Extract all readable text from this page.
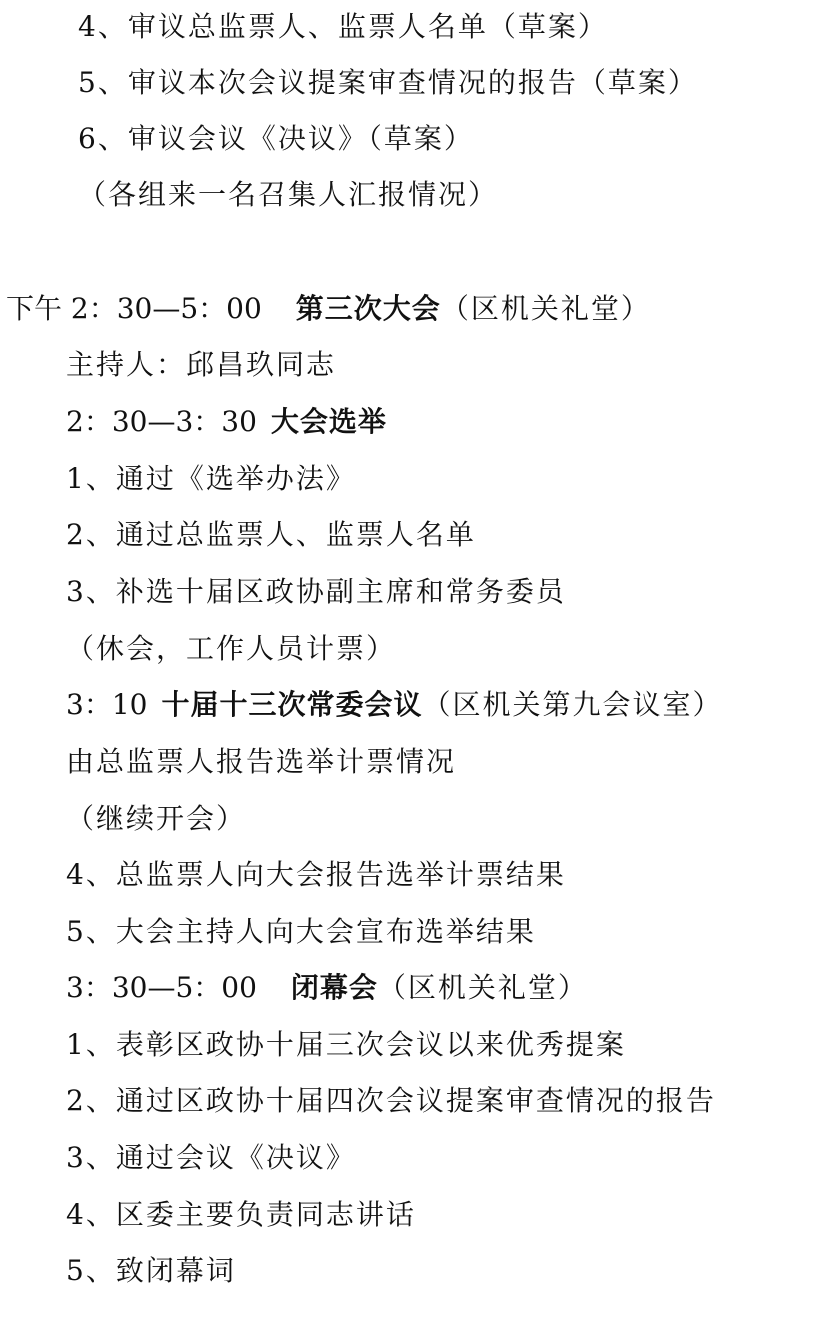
4、审议总监票人、监票人名单（草案）
5、审议本次会议提案审查情况的报告（草案）
6、审议会议《决议》（草案）
（各组来一名召集人汇报情况）
下午 2：30—5：00 第三次大会（区机关礼堂）
主持人：邱昌玖同志
2：30—3：30 大会选举
1、通过《选举办法》
2、通过总监票人、监票人名单
3、补选十届区政协副主席和常务委员
（休会，工作人员计票）
3：10 十届十三次常委会议（区机关第九会议室）
由总监票人报告选举计票情况
（继续开会）
4、总监票人向大会报告选举计票结果
5、大会主持人向大会宣布选举结果
3：30—5：00 闭幕会（区机关礼堂）
1、表彰区政协十届三次会议以来优秀提案
2、通过区政协十届四次会议提案审查情况的报告
3、通过会议《决议》
4、区委主要负责同志讲话
5、致闭幕词
